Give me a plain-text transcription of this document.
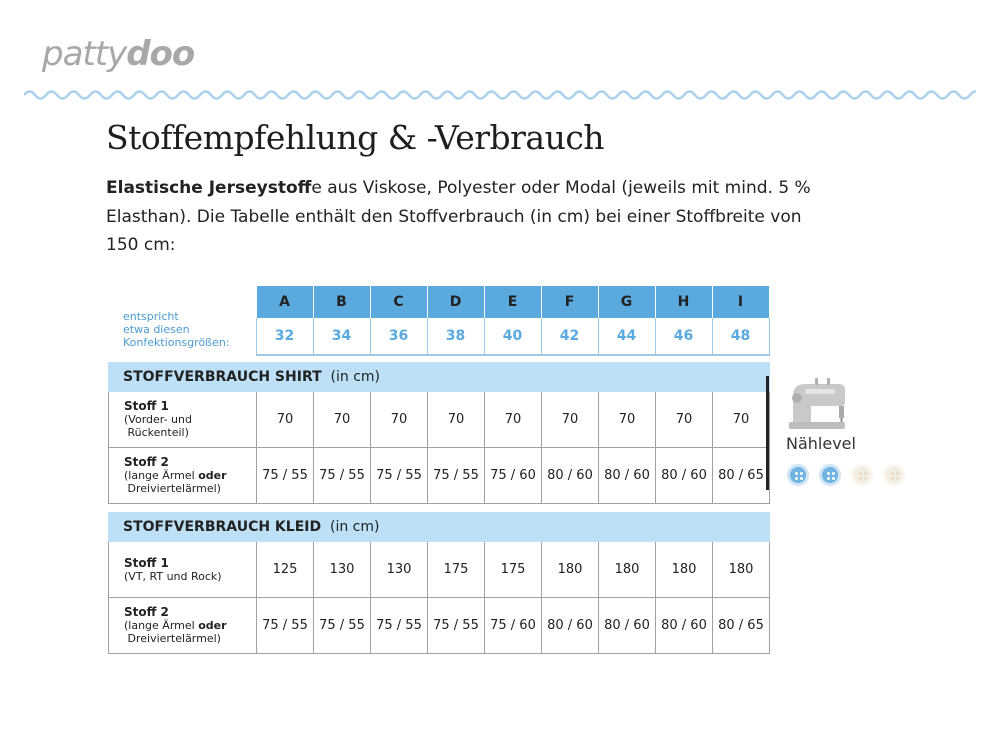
pattydoo
Stoffempfehlung & -Verbrauch
Elastische Jerseystoffe aus Viskose, Polyester oder Modal (jeweils mit mind. 5 % Elasthan). Die Tabelle enthält den Stoffverbrauch (in cm) bei einer Stoffbreite von 150 cm:
entspricht
etwa diesen
Konfektionsgrößen:	A	B	C	D	E	F	G	H	I
	32	34	36	38	40	42	44	46	48
STOFFVERBRAUCH SHIRT (in cm)									
Stoff 1
(Vorder- und
Rückenteil)	70	70	70	70	70	70	70	70	70
Stoff 2
(lange Ärmel oder
Dreiviertelärmel)	75 / 55	75 / 55	75 / 55	75 / 55	75 / 60	80 / 60	80 / 60	80 / 60	80 / 65
STOFFVERBRAUCH KLEID (in cm)									
Stoff 1
(VT, RT und Rock)	125	130	130	175	175	180	180	180	180
Stoff 2
(lange Ärmel oder
Dreiviertelärmel)	75 / 55	75 / 55	75 / 55	75 / 55	75 / 60	80 / 60	80 / 60	80 / 60	80 / 65
Nählevel
